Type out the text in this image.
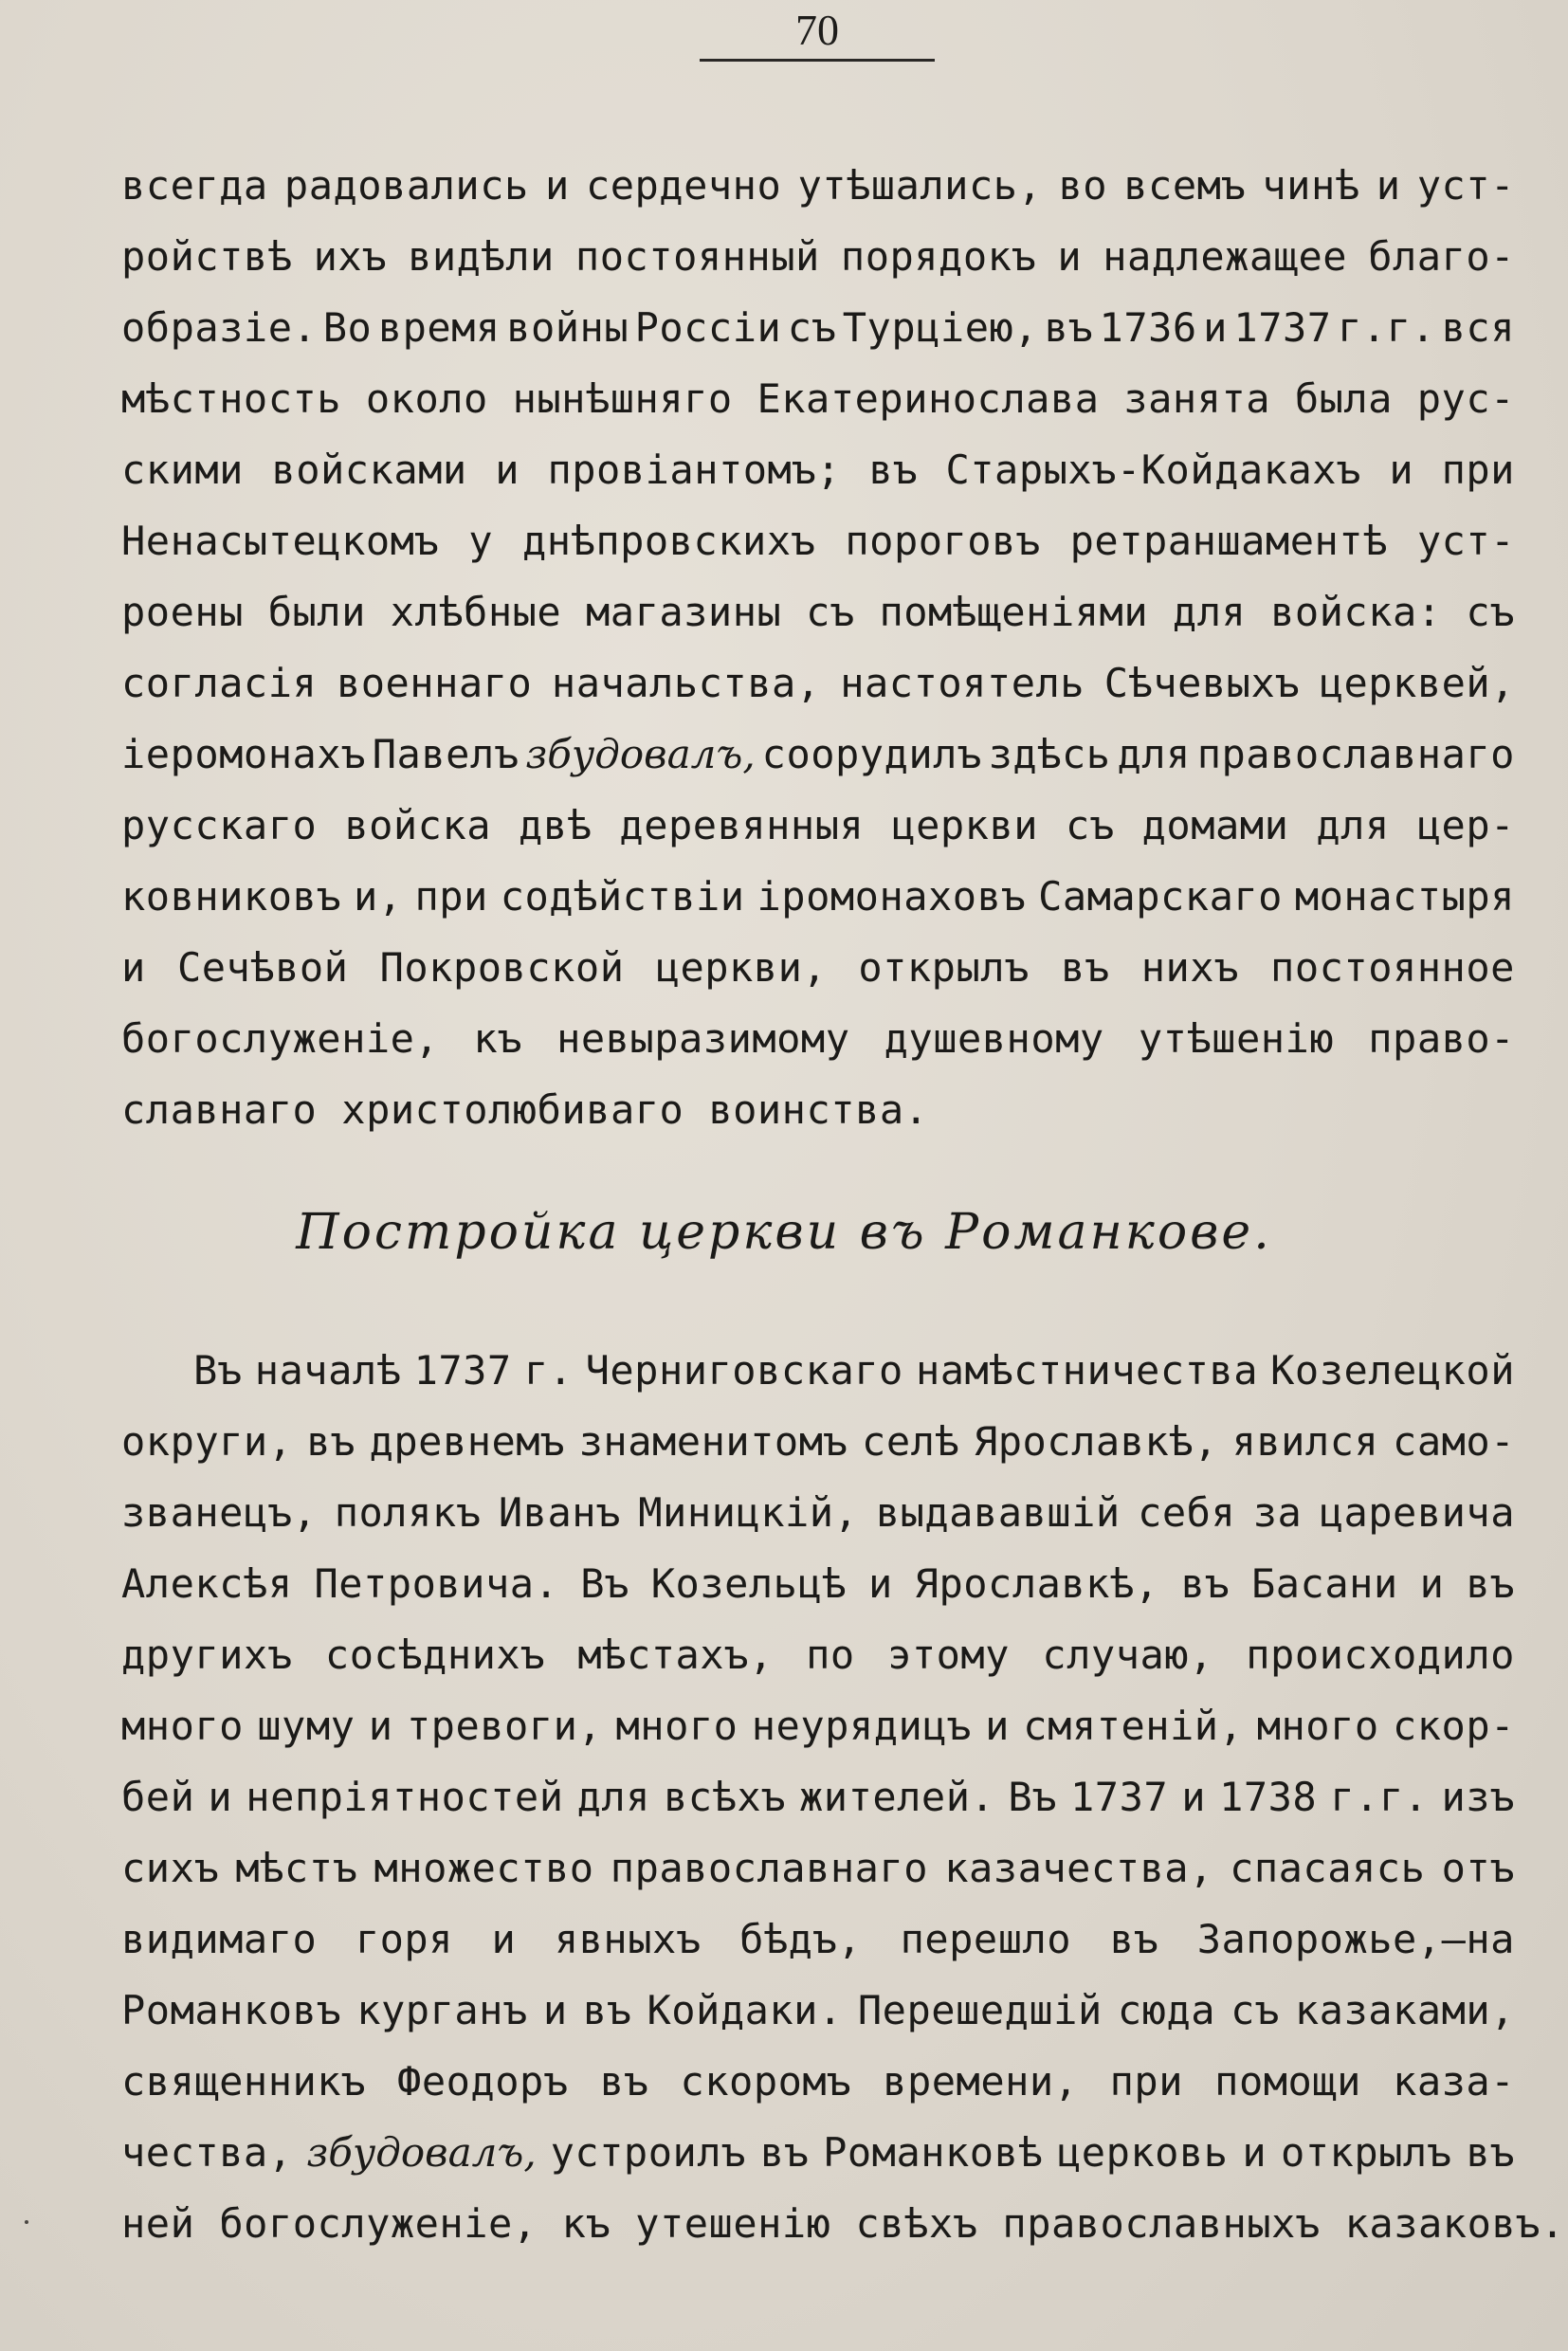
70
всегда радовались и сердечно утѣшались, во всемъ чинѣ и уст-
ройствѣ ихъ видѣли постоянный порядокъ и надлежащее благо-
образіе. Во время войны Россіи съ Турціею, въ 1736 и 1737 г.г. вся
мѣстность около нынѣшняго Екатеринослава занята была рус-
скими войсками и провіантомъ; въ Старыхъ-Койдакахъ и при
Ненасытецкомъ у днѣпровскихъ пороговъ ретраншаментѣ уст-
роены были хлѣбные магазины съ помѣщеніями для войска: съ
согласія военнаго начальства, настоятель Сѣчевыхъ церквей,
іеромонахъ Павелъ збудовалъ, соорудилъ здѣсь для православнаго
русскаго войска двѣ деревянныя церкви съ домами для цер-
ковниковъ и, при содѣйствіи іромонаховъ Самарскаго монастыря
и Сечѣвой Покровской церкви, открылъ въ нихъ постоянное
богослуженіе, къ невыразимому душевному утѣшенію право-
славнаго христолюбиваго воинства.
Постройка церкви въ Романкове.
Въ началѣ 1737 г. Черниговскаго намѣстничества Козелецкой
округи, въ древнемъ знаменитомъ селѣ Ярославкѣ, явился само-
званецъ, полякъ Иванъ Миницкій, выдававшій себя за царевича
Алексѣя Петровича. Въ Козельцѣ и Ярославкѣ, въ Басани и въ
другихъ сосѣднихъ мѣстахъ, по этому случаю, происходило
много шуму и тревоги, много неурядицъ и смятеній, много скор-
бей и непріятностей для всѣхъ жителей. Въ 1737 и 1738 г.г. изъ
сихъ мѣстъ множество православнаго казачества, спасаясь отъ
видимаго горя и явныхъ бѣдъ, перешло въ Запорожье,—на
Романковъ курганъ и въ Койдаки. Перешедшій сюда съ казаками,
священникъ Феодоръ въ скоромъ времени, при помощи каза-
чества, збудовалъ, устроилъ въ Романковѣ церковь и открылъ въ
ней богослуженіе, къ утешенію свѣхъ православныхъ казаковъ.
